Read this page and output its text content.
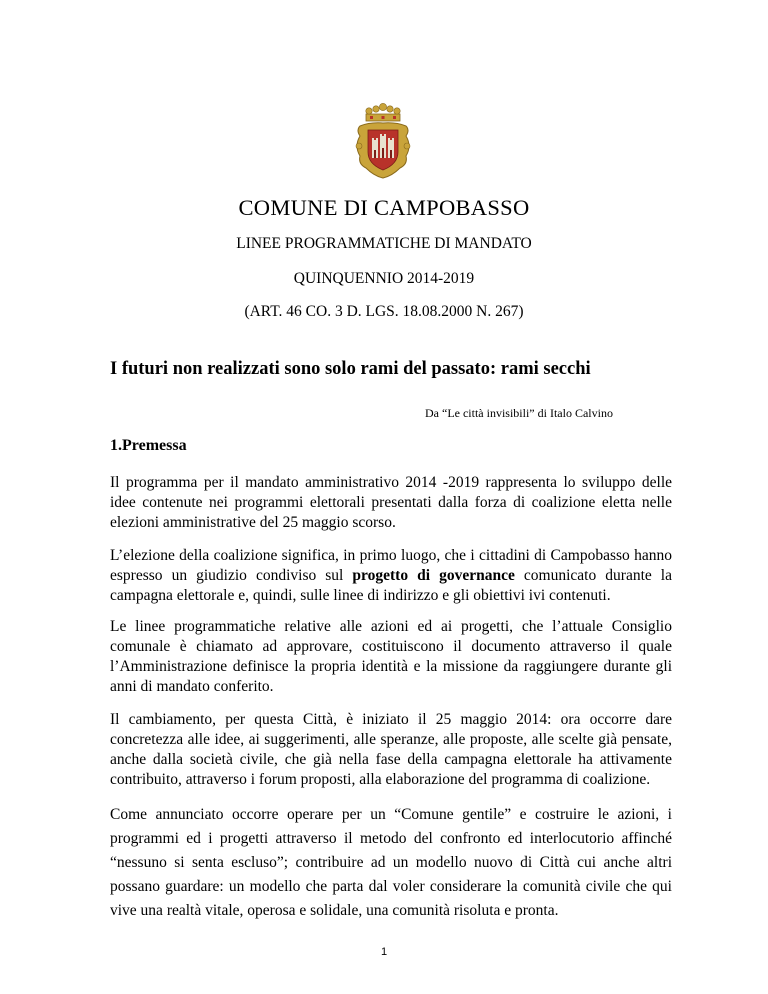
COMUNE DI CAMPOBASSO
LINEE PROGRAMMATICHE DI MANDATO
QUINQUENNIO 2014-2019
(ART. 46 CO. 3 D. LGS. 18.08.2000 N. 267)
I futuri non realizzati sono solo rami del passato: rami secchi
Da “Le città invisibili” di Italo Calvino
1.Premessa
Il programma per il mandato amministrativo 2014 -2019 rappresenta lo sviluppo delle idee contenute nei programmi elettorali presentati dalla forza di coalizione eletta nelle elezioni amministrative del 25 maggio scorso.
L’elezione della coalizione significa, in primo luogo, che i cittadini di Campobasso hanno espresso un giudizio condiviso sul progetto di governance comunicato durante la campagna elettorale e, quindi, sulle linee di indirizzo e gli obiettivi ivi contenuti.
Le linee programmatiche relative alle azioni ed ai progetti, che l’attuale Consiglio comunale è chiamato ad approvare, costituiscono il documento attraverso il quale l’Amministrazione definisce la propria identità e la missione da raggiungere durante gli anni di mandato conferito.
Il cambiamento, per questa Città, è iniziato il 25 maggio 2014: ora occorre dare concretezza alle idee, ai suggerimenti, alle speranze, alle proposte, alle scelte già pensate, anche dalla società civile, che già nella fase della campagna elettorale ha attivamente contribuito, attraverso i forum proposti, alla elaborazione del programma di coalizione.
Come annunciato occorre operare per un “Comune gentile” e costruire le azioni, i programmi ed i progetti attraverso il metodo del confronto ed interlocutorio affinché “nessuno si senta escluso”; contribuire ad un modello nuovo di Città cui anche altri possano guardare: un modello che parta dal voler considerare la comunità civile che qui vive una realtà vitale, operosa e solidale, una comunità risoluta e pronta.
1
